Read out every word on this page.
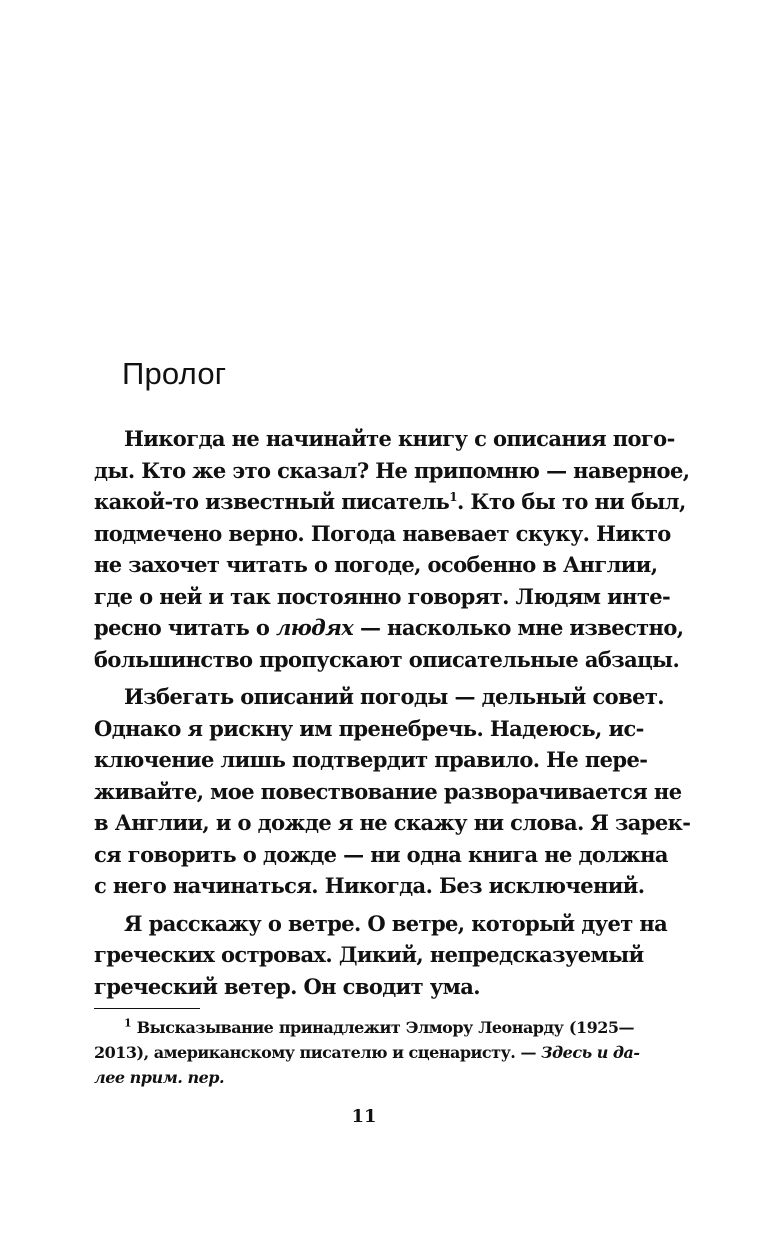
Пролог
Никогда не начинайте книгу с описания пого-
ды. Кто же это сказал? Не припомню — наверное,
какой-то известный писатель$^1$. Кто бы то ни был,
подмечено верно. Погода навевает скуку. Никто
не захочет читать о погоде, особенно в Англии,
где о ней и так постоянно говорят. Людям инте-
ресно читать о людях — насколько мне известно,
большинство пропускают описательные абзацы.
Избегать описаний погоды — дельный совет.
Однако я рискну им пренебречь. Надеюсь, ис-
ключение лишь подтвердит правило. Не пере-
живайте, мое повествование разворачивается не
в Англии, и о дожде я не скажу ни слова. Я зарек-
ся говорить о дожде — ни одна книга не должна
с него начинаться. Никогда. Без исключений.
Я расскажу о ветре. О ветре, который дует на
греческих островах. Дикий, непредсказуемый
греческий ветер. Он сводит ума.
$^1$ Высказывание принадлежит Элмору Леонарду (1925—
2013), американскому писателю и сценаристу. — Здесь и да-
лее прим. пер.
11
